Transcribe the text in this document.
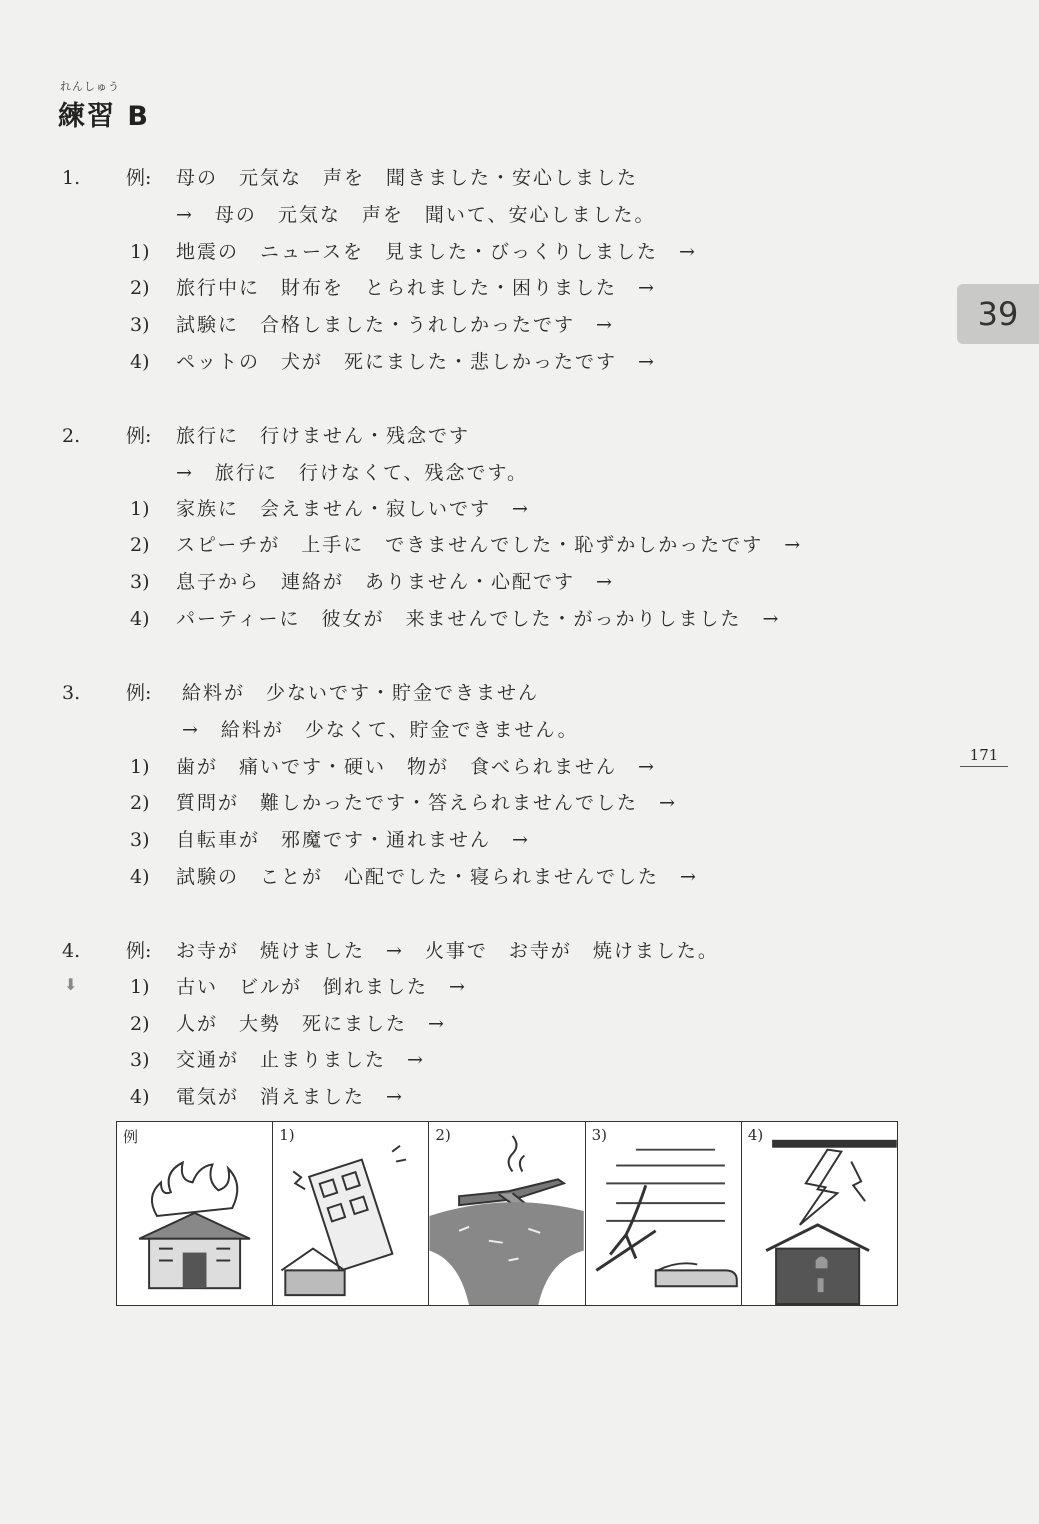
れんしゅう
練習 B
39
171
1. 例: 母の　元気な　声を　聞きました・安心しました
→　母の　元気な　声を　聞いて、安心しました。
1) 地震の　ニュースを　見ました・びっくりしました　→
2) 旅行中に　財布を　とられました・困りました　→
3) 試験に　合格しました・うれしかったです　→
4) ペットの　犬が　死にました・悲しかったです　→
2. 例: 旅行に　行けません・残念です
→　旅行に　行けなくて、残念です。
1) 家族に　会えません・寂しいです　→
2) スピーチが　上手に　できませんでした・恥ずかしかったです　→
3) 息子から　連絡が　ありません・心配です　→
4) パーティーに　彼女が　来ませんでした・がっかりしました　→
3. 例: 給料が　少ないです・貯金できません
→　給料が　少なくて、貯金できません。
1) 歯が　痛いです・硬い　物が　食べられません　→
2) 質問が　難しかったです・答えられませんでした　→
3) 自転車が　邪魔です・通れません　→
4) 試験の　ことが　心配でした・寝られませんでした　→
4. 例: お寺が　焼けました　→　火事で　お寺が　焼けました。
⬇	1) 古い　ビルが　倒れました　→
2) 人が　大勢　死にました　→
3) 交通が　止まりました　→
4) 電気が　消えました　→
例	1)	2)	3)	4)
